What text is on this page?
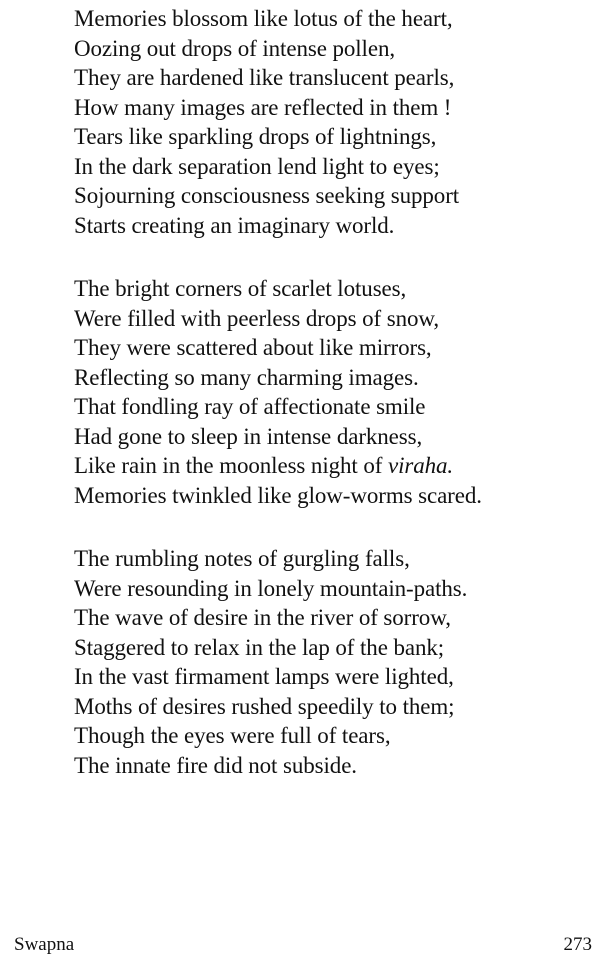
Memories blossom like lotus of the heart,
Oozing out drops of intense pollen,
They are hardened like translucent pearls,
How many images are reflected in them !
Tears like sparkling drops of lightnings,
In the dark separation lend light to eyes;
Sojourning consciousness seeking support
Starts creating an imaginary world.
The bright corners of scarlet lotuses,
Were filled with peerless drops of snow,
They were scattered about like mirrors,
Reflecting so many charming images.
That fondling ray of affectionate smile
Had gone to sleep in intense darkness,
Like rain in the moonless night of viraha.
Memories twinkled like glow-worms scared.
The rumbling notes of gurgling falls,
Were resounding in lonely mountain-paths.
The wave of desire in the river of sorrow,
Staggered to relax in the lap of the bank;
In the vast firmament lamps were lighted,
Moths of desires rushed speedily to them;
Though the eyes were full of tears,
The innate fire did not subside.
Swapna	273
